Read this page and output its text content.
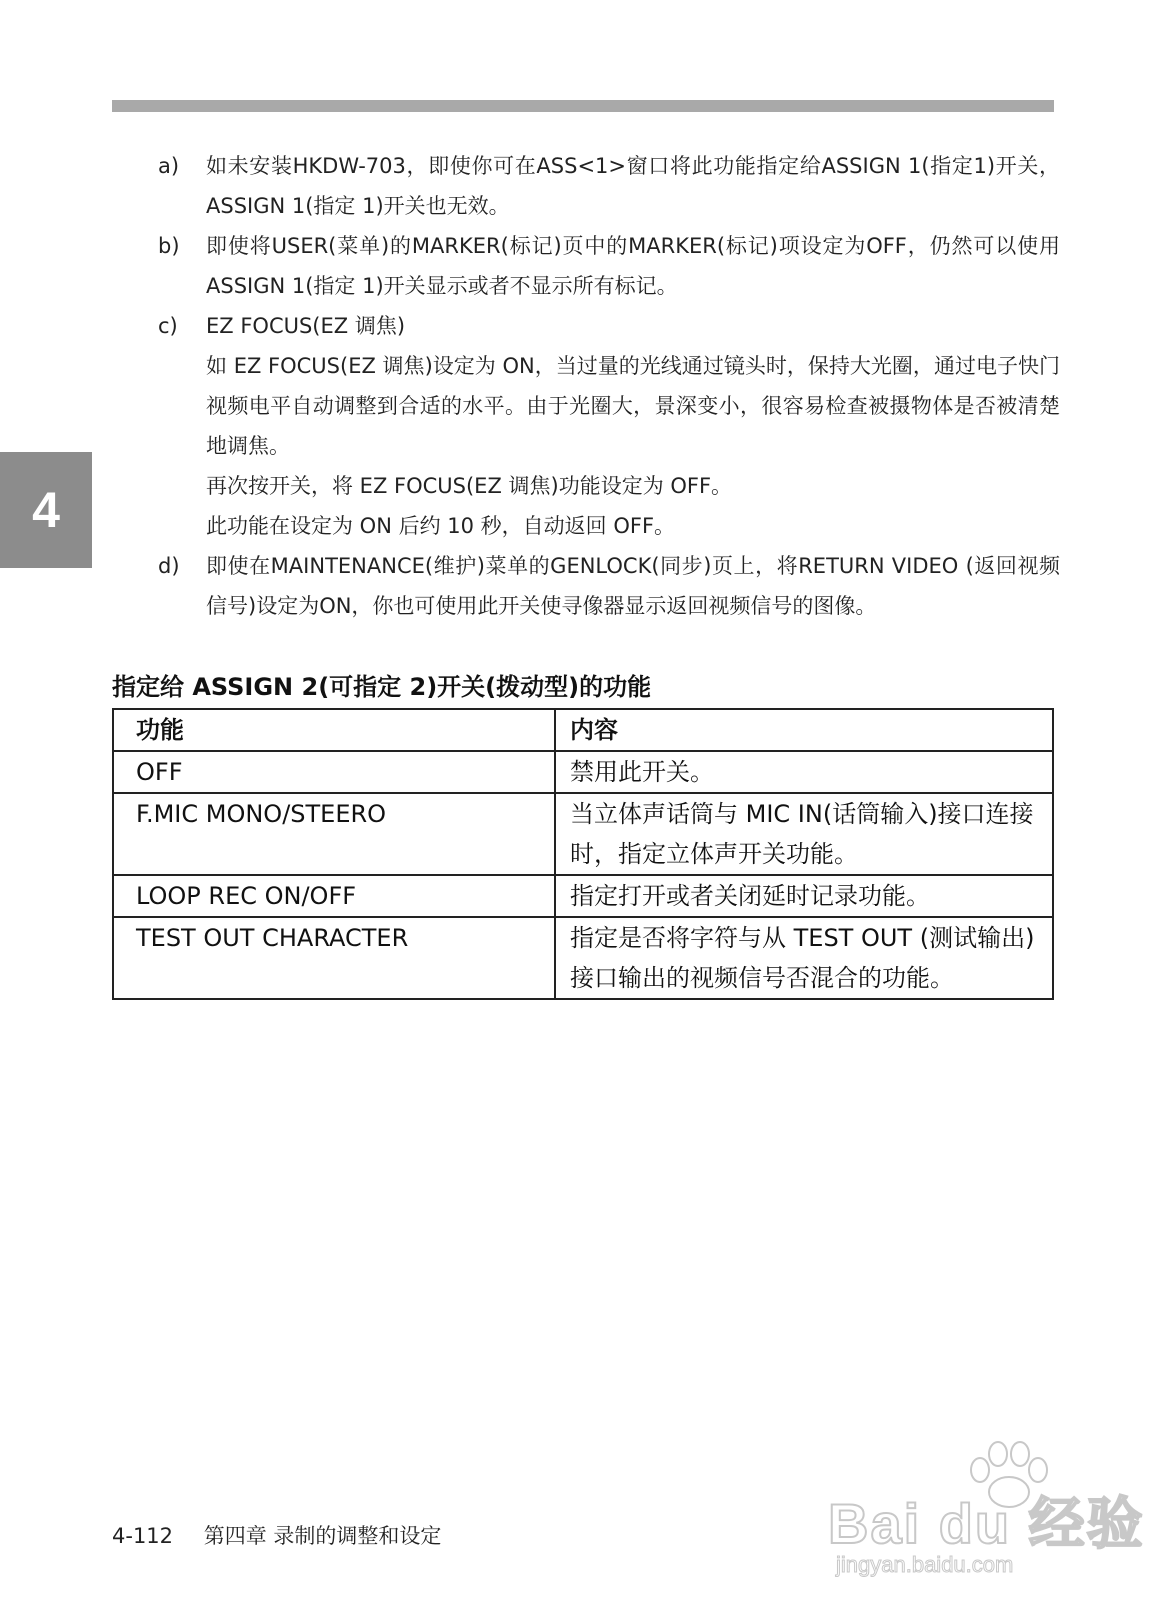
4
a)	如未安装HKDW-703，即使你可在ASS<1>窗口将此功能指定给ASSIGN 1(指定1)开关，ASSIGN 1(指定 1)开关也无效。

b)	即使将USER(菜单)的MARKER(标记)页中的MARKER(标记)项设定为OFF，仍然可以使用 ASSIGN 1(指定 1)开关显示或者不显示所有标记。

c)	EZ FOCUS(EZ 调焦)

如 EZ FOCUS(EZ 调焦)设定为 ON，当过量的光线通过镜头时，保持大光圈，通过电子快门视频电平自动调整到合适的水平。由于光圈大，景深变小，很容易检查被摄物体是否被清楚地调焦。

再次按开关，将 EZ FOCUS(EZ 调焦)功能设定为 OFF。

此功能在设定为 ON 后约 10 秒，自动返回 OFF。

d)	即使在MAINTENANCE(维护)菜单的GENLOCK(同步)页上，将RETURN VIDEO (返回视频信号)设定为ON，你也可使用此开关使寻像器显示返回视频信号的图像。

指定给 ASSIGN 2(可指定 2)开关(拨动型)的功能
功能	内容
OFF	禁用此开关。
F.MIC MONO/STEERO	当立体声话筒与 MIC IN(话筒输入)接口连接时，指定立体声开关功能。
LOOP REC ON/OFF	指定打开或者关闭延时记录功能。
TEST OUT CHARACTER	指定是否将字符与从 TEST OUT (测试输出)接口输出的视频信号否混合的功能。
4-112 第四章 录制的调整和设定	Bai du 经验
jingyan.baidu.com
